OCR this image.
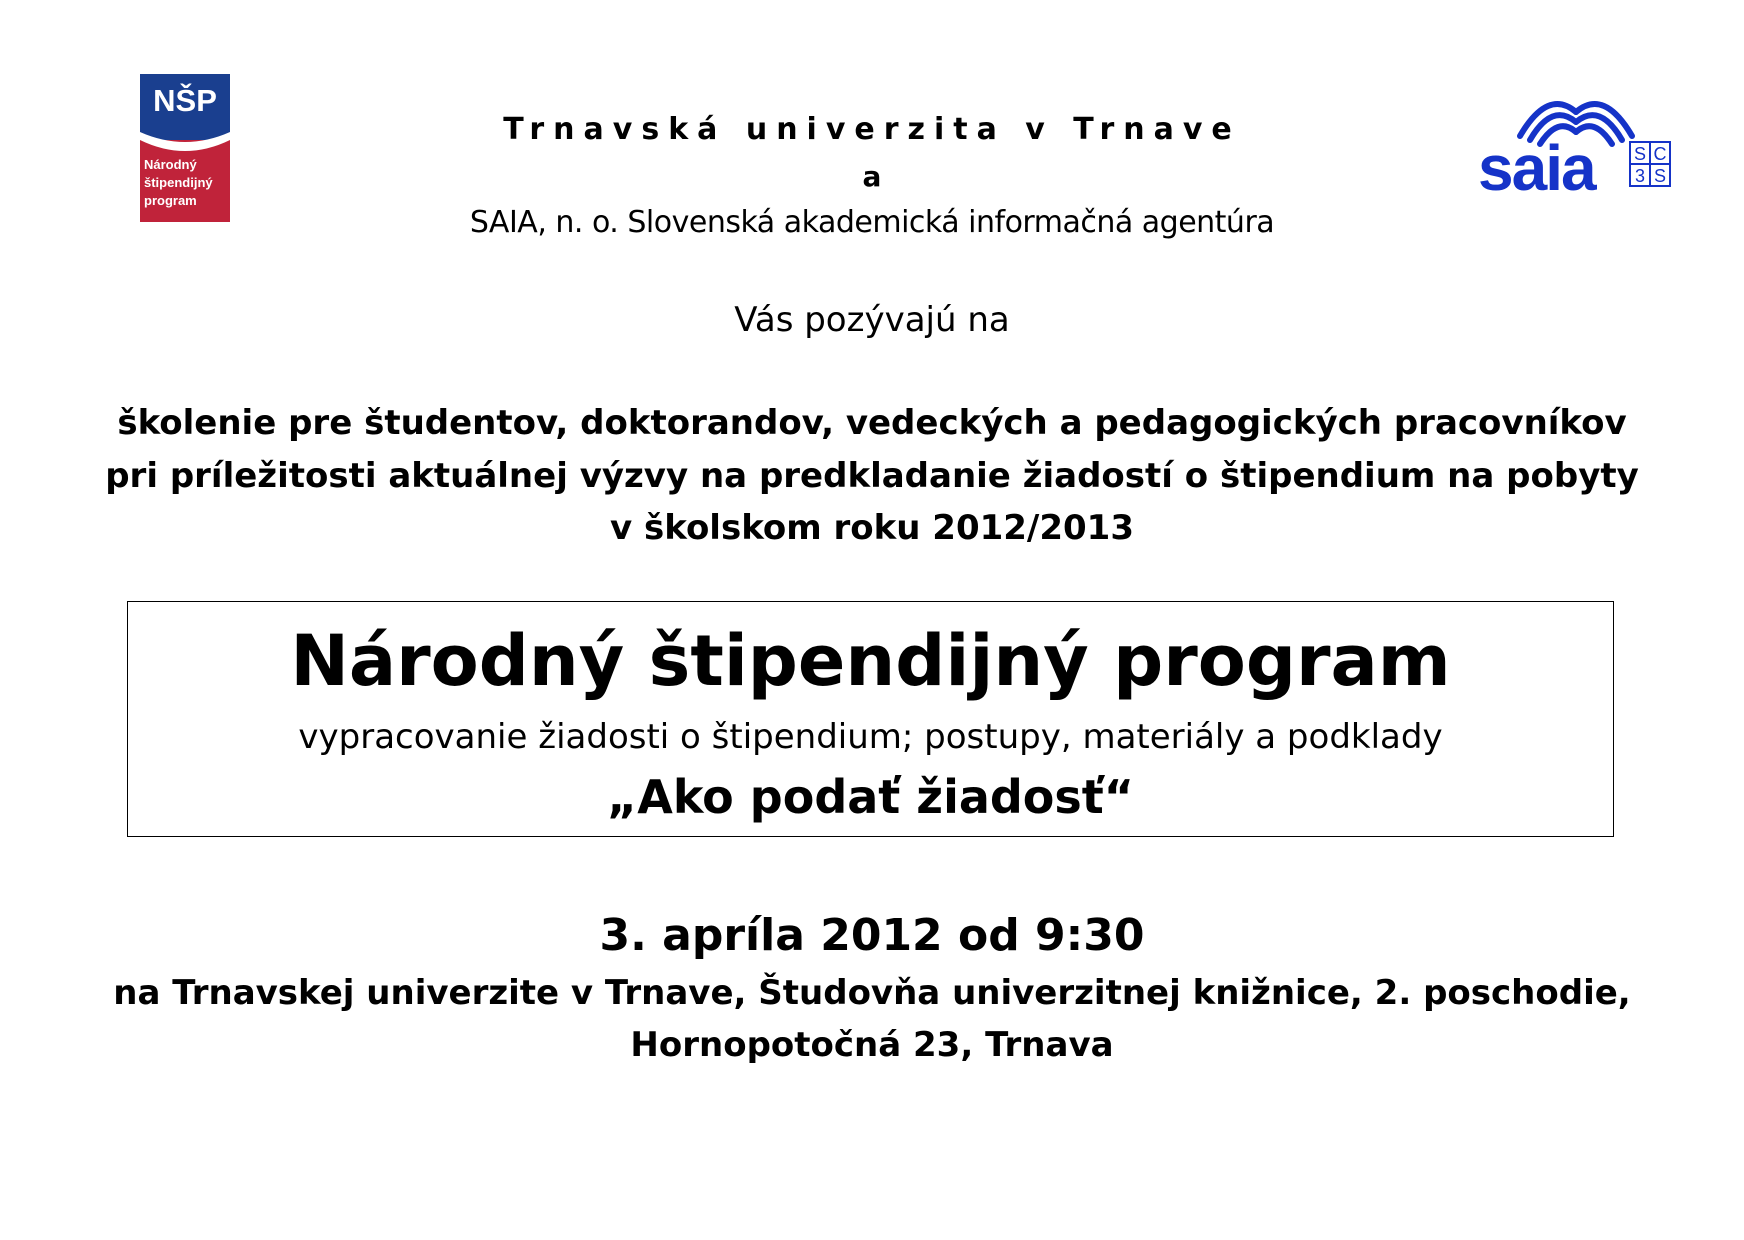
NŠP
Národný
štipendijný
program	saia S C
3 S
Trnavská univerzita v Trnave
a
SAIA, n. o. Slovenská akademická informačná agentúra
Vás pozývajú na
školenie pre študentov, doktorandov, vedeckých a pedagogických pracovníkov
pri príležitosti aktuálnej výzvy na predkladanie žiadostí o štipendium na pobyty
v školskom roku 2012/2013
Národný štipendijný program
vypracovanie žiadosti o štipendium; postupy, materiály a podklady
„Ako podať žiadosť“
3. apríla 2012 od 9:30
na Trnavskej univerzite v Trnave, Študovňa univerzitnej knižnice, 2. poschodie,
Hornopotočná 23, Trnava
